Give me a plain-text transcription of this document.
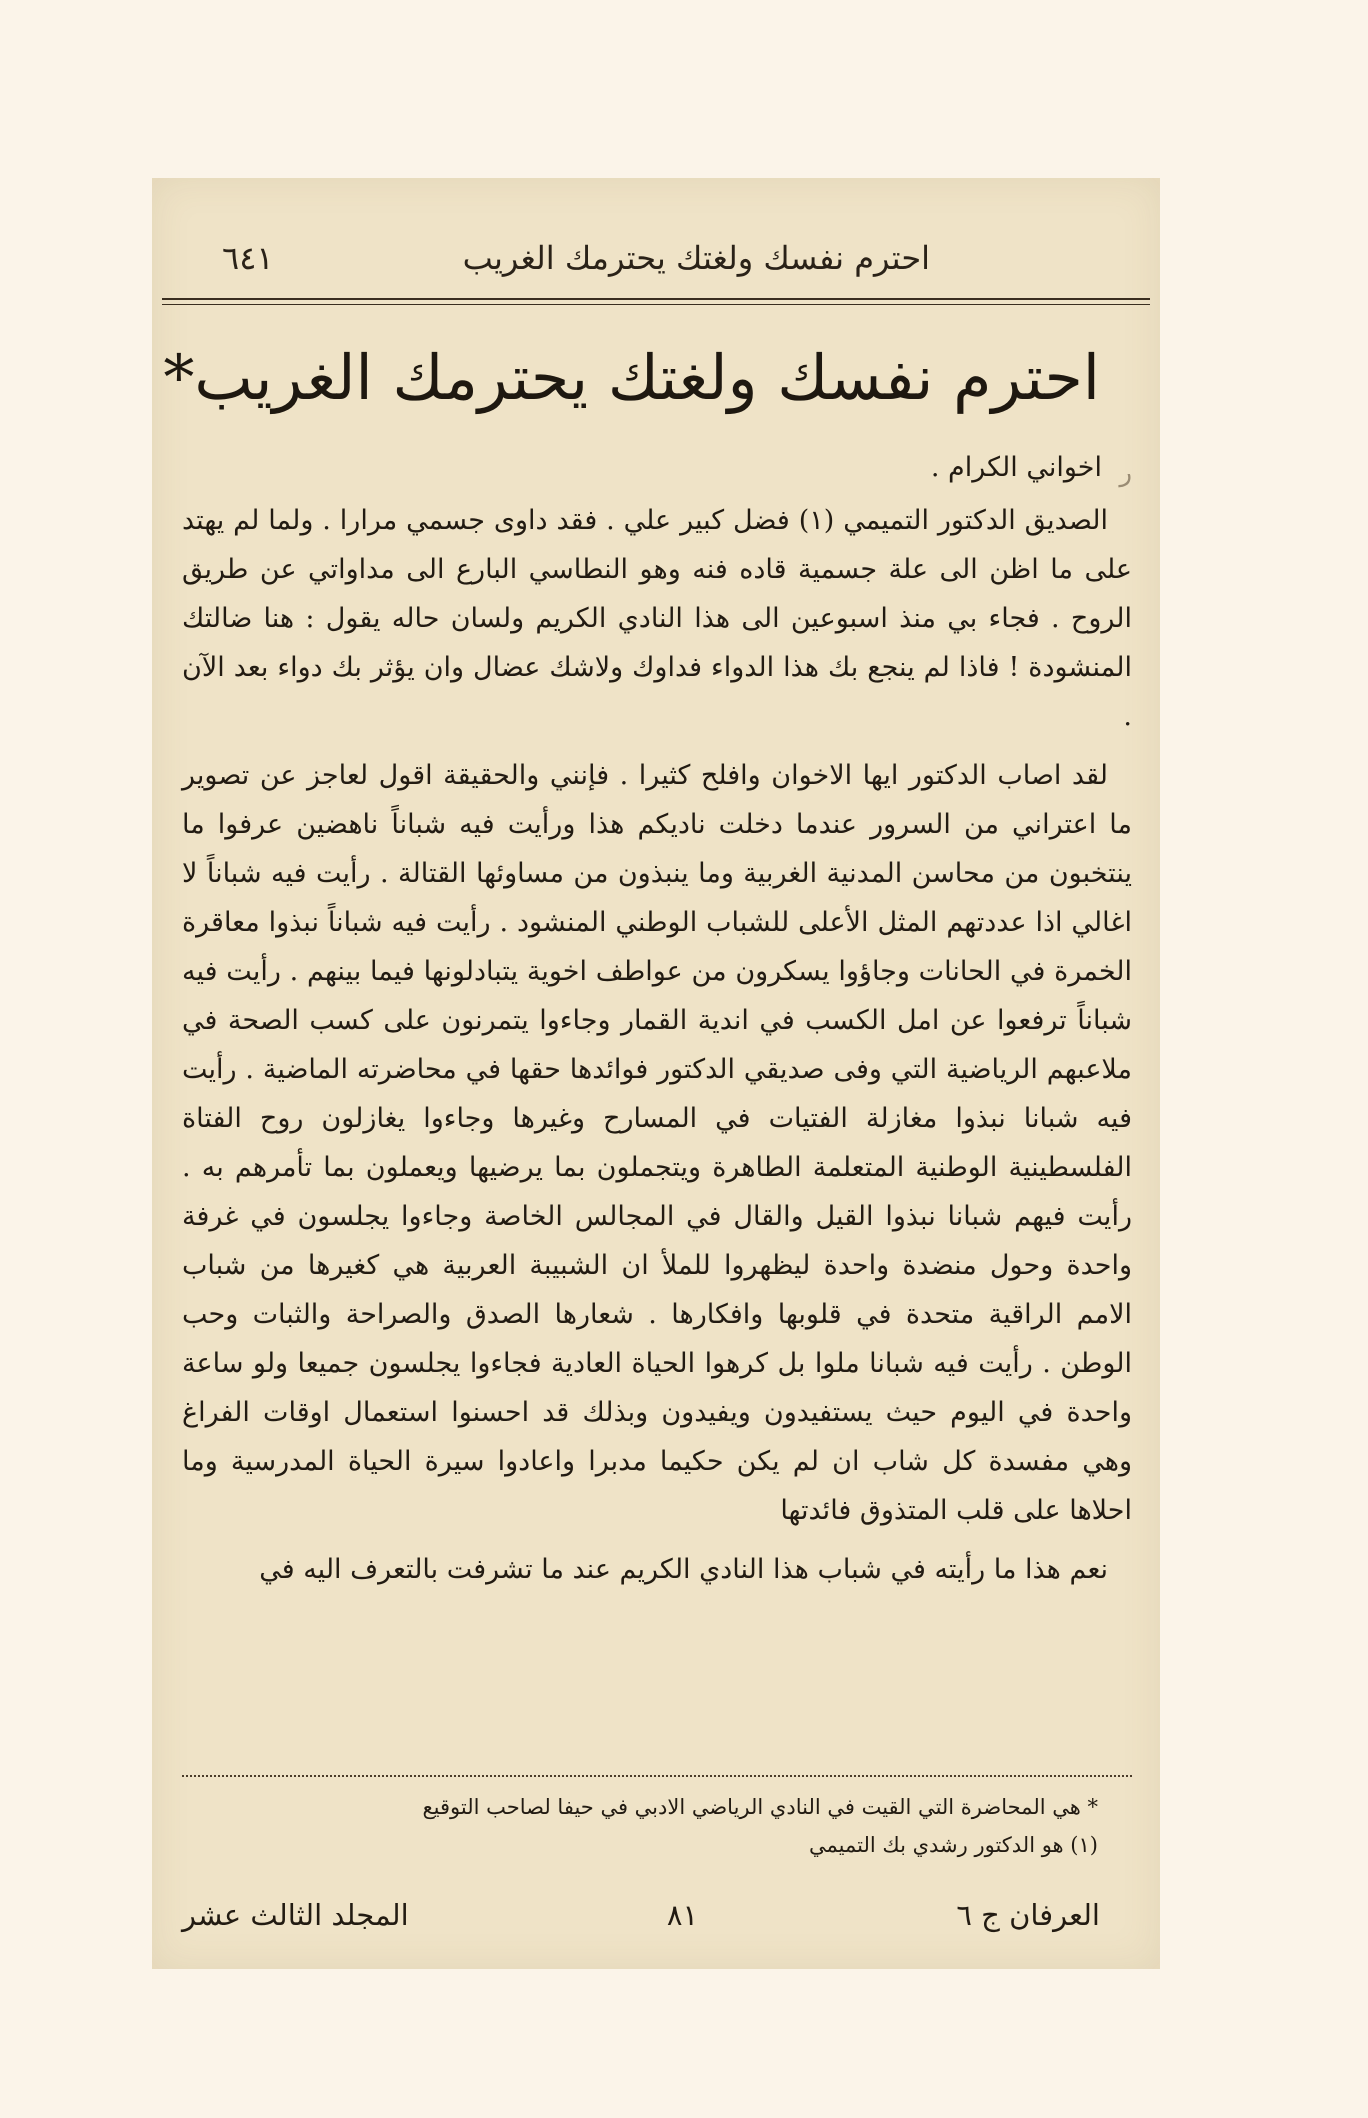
احترم نفسك ولغتك يحترمك الغريب
٦٤١
احترم نفسك ولغتك يحترمك الغريب*
ﺭ

اخواني الكرام .

الصديق الدكتور التميمي (١) فضل كبير علي . فقد داوى جسمي مرارا . ولما لم يهتد على ما اظن الى علة جسمية قاده فنه وهو النطاسي البارع الى مداواتي عن طريق الروح . فجاء بي منذ اسبوعين الى هذا النادي الكريم ولسان حاله يقول : هنا ضالتك المنشودة ! فاذا لم ينجع بك هذا الدواء فداوك ولاشك عضال وان يؤثر بك دواء بعد الآن .

لقد اصاب الدكتور ايها الاخوان وافلح كثيرا . فإنني والحقيقة اقول لعاجز عن تصوير ما اعتراني من السرور عندما دخلت ناديكم هذا ورأيت فيه شباناً ناهضين عرفوا ما ينتخبون من محاسن المدنية الغربية وما ينبذون من مساوئها القتالة . رأيت فيه شباناً لا اغالي اذا عددتهم المثل الأعلى للشباب الوطني المنشود . رأيت فيه شباناً نبذوا معاقرة الخمرة في الحانات وجاؤوا يسكرون من عواطف اخوية يتبادلونها فيما بينهم . رأيت فيه شباناً ترفعوا عن امل الكسب في اندية القمار وجاءوا يتمرنون على كسب الصحة في ملاعبهم الرياضية التي وفى صديقي الدكتور فوائدها حقها في محاضرته الماضية . رأيت فيه شبانا نبذوا مغازلة الفتيات في المسارح وغيرها وجاءوا يغازلون روح الفتاة الفلسطينية الوطنية المتعلمة الطاهرة ويتجملون بما يرضيها ويعملون بما تأمرهم به . رأيت فيهم شبانا نبذوا القيل والقال في المجالس الخاصة وجاءوا يجلسون في غرفة واحدة وحول منضدة واحدة ليظهروا للملأ ان الشبيبة العربية هي كغيرها من شباب الامم الراقية متحدة في قلوبها وافكارها . شعارها الصدق والصراحة والثبات وحب الوطن . رأيت فيه شبانا ملوا بل كرهوا الحياة العادية فجاءوا يجلسون جميعا ولو ساعة واحدة في اليوم حيث يستفيدون ويفيدون وبذلك قد احسنوا استعمال اوقات الفراغ وهي مفسدة كل شاب ان لم يكن حكيما مدبرا واعادوا سيرة الحياة المدرسية وما احلاها على قلب المتذوق فائدتها

نعم هذا ما رأيته في شباب هذا النادي الكريم عند ما تشرفت بالتعرف اليه في

* هي المحاضرة التي القيت في النادي الرياضي الادبي في حيفا لصاحب التوقيع

(١) هو الدكتور رشدي بك التميمي

العرفان ج ٦
٨١
المجلد الثالث عشر
